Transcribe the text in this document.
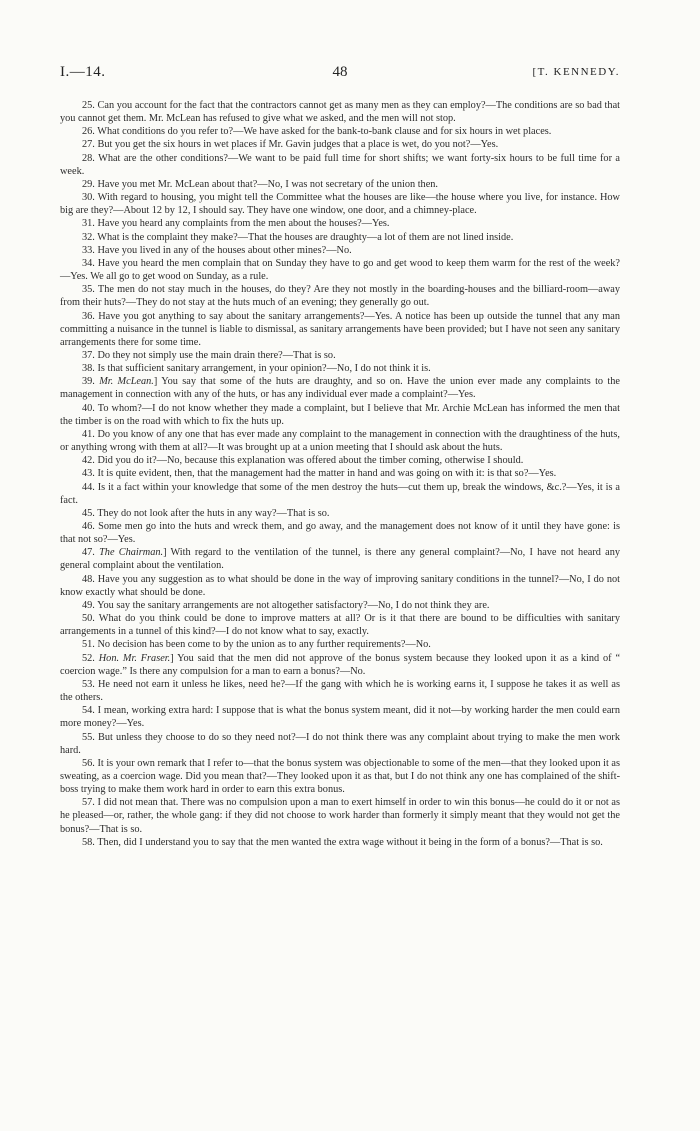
I.—14.	48	[T. KENNEDY.

25. Can you account for the fact that the contractors cannot get as many men as they can employ?—The conditions are so bad that you cannot get them. Mr. McLean has refused to give what we asked, and the men will not stop.

26. What conditions do you refer to?—We have asked for the bank-to-bank clause and for six hours in wet places.

27. But you get the six hours in wet places if Mr. Gavin judges that a place is wet, do you not?—Yes.

28. What are the other conditions?—We want to be paid full time for short shifts; we want forty-six hours to be full time for a week.

29. Have you met Mr. McLean about that?—No, I was not secretary of the union then.

30. With regard to housing, you might tell the Committee what the houses are like—the house where you live, for instance. How big are they?—About 12 by 12, I should say. They have one window, one door, and a chimney-place.

31. Have you heard any complaints from the men about the houses?—Yes.

32. What is the complaint they make?—That the houses are draughty—a lot of them are not lined inside.

33. Have you lived in any of the houses about other mines?—No.

34. Have you heard the men complain that on Sunday they have to go and get wood to keep them warm for the rest of the week?—Yes. We all go to get wood on Sunday, as a rule.

35. The men do not stay much in the houses, do they? Are they not mostly in the boarding-houses and the billiard-room—away from their huts?—They do not stay at the huts much of an evening; they generally go out.

36. Have you got anything to say about the sanitary arrangements?—Yes. A notice has been up outside the tunnel that any man committing a nuisance in the tunnel is liable to dismissal, as sanitary arrangements have been provided; but I have not seen any sanitary arrangements there for some time.

37. Do they not simply use the main drain there?—That is so.

38. Is that sufficient sanitary arrangement, in your opinion?—No, I do not think it is.

39. Mr. McLean.] You say that some of the huts are draughty, and so on. Have the union ever made any complaints to the management in connection with any of the huts, or has any individual ever made a complaint?—Yes.

40. To whom?—I do not know whether they made a complaint, but I believe that Mr. Archie McLean has informed the men that the timber is on the road with which to fix the huts up.

41. Do you know of any one that has ever made any complaint to the management in connection with the draughtiness of the huts, or anything wrong with them at all?—It was brought up at a union meeting that I should ask about the huts.

42. Did you do it?—No, because this explanation was offered about the timber coming, otherwise I should.

43. It is quite evident, then, that the management had the matter in hand and was going on with it: is that so?—Yes.

44. Is it a fact within your knowledge that some of the men destroy the huts—cut them up, break the windows, &c.?—Yes, it is a fact.

45. They do not look after the huts in any way?—That is so.

46. Some men go into the huts and wreck them, and go away, and the management does not know of it until they have gone: is that not so?—Yes.

47. The Chairman.] With regard to the ventilation of the tunnel, is there any general complaint?—No, I have not heard any general complaint about the ventilation.

48. Have you any suggestion as to what should be done in the way of improving sanitary conditions in the tunnel?—No, I do not know exactly what should be done.

49. You say the sanitary arrangements are not altogether satisfactory?—No, I do not think they are.

50. What do you think could be done to improve matters at all? Or is it that there are bound to be difficulties with sanitary arrangements in a tunnel of this kind?—I do not know what to say, exactly.

51. No decision has been come to by the union as to any further requirements?—No.

52. Hon. Mr. Fraser.] You said that the men did not approve of the bonus system because they looked upon it as a kind of “ coercion wage.” Is there any compulsion for a man to earn a bonus?—No.

53. He need not earn it unless he likes, need he?—If the gang with which he is working earns it, I suppose he takes it as well as the others.

54. I mean, working extra hard: I suppose that is what the bonus system meant, did it not—by working harder the men could earn more money?—Yes.

55. But unless they choose to do so they need not?—I do not think there was any complaint about trying to make the men work hard.

56. It is your own remark that I refer to—that the bonus system was objectionable to some of the men—that they looked upon it as sweating, as a coercion wage. Did you mean that?—They looked upon it as that, but I do not think any one has complained of the shift-boss trying to make them work hard in order to earn this extra bonus.

57. I did not mean that. There was no compulsion upon a man to exert himself in order to win this bonus—he could do it or not as he pleased—or, rather, the whole gang: if they did not choose to work harder than formerly it simply meant that they would not get the bonus?—That is so.

58. Then, did I understand you to say that the men wanted the extra wage without it being in the form of a bonus?—That is so.
